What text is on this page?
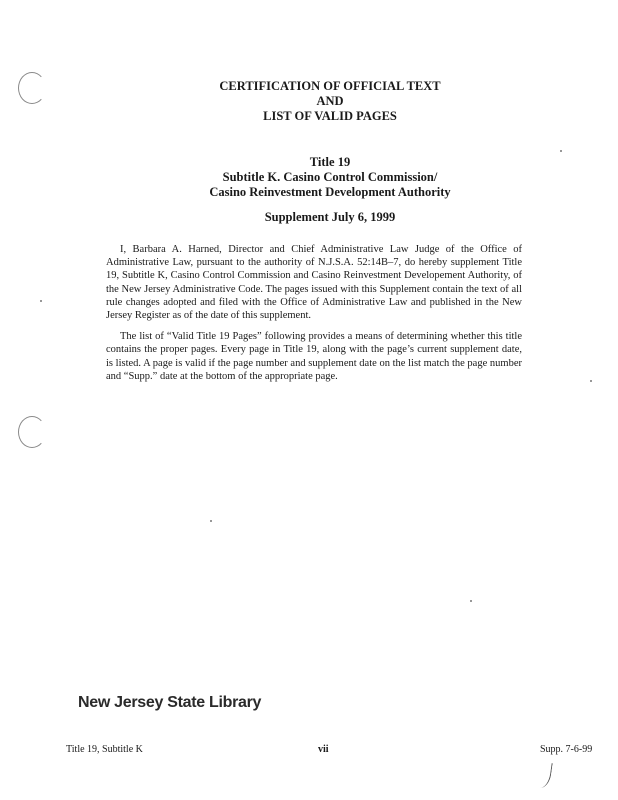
CERTIFICATION OF OFFICIAL TEXT
AND
LIST OF VALID PAGES
Title 19
Subtitle K. Casino Control Commission/
Casino Reinvestment Development Authority
Supplement July 6, 1999

I, Barbara A. Harned, Director and Chief Administrative Law Judge of the Office of Administrative Law, pursuant to the authority of N.J.S.A. 52:14B–7, do hereby supplement Title 19, Subtitle K, Casino Control Commission and Casino Reinvestment Developement Authority, of the New Jersey Administrative Code. The pages issued with this Supplement contain the text of all rule changes adopted and filed with the Office of Administrative Law and published in the New Jersey Register as of the date of this supplement.

The list of “Valid Title 19 Pages” following provides a means of determining whether this title contains the proper pages. Every page in Title 19, along with the page’s current supplement date, is listed. A page is valid if the page number and supplement date on the list match the page number and “Supp.” date at the bottom of the appropriate page.

New Jersey State Library
Title 19, Subtitle K	vii	Supp. 7-6-99
